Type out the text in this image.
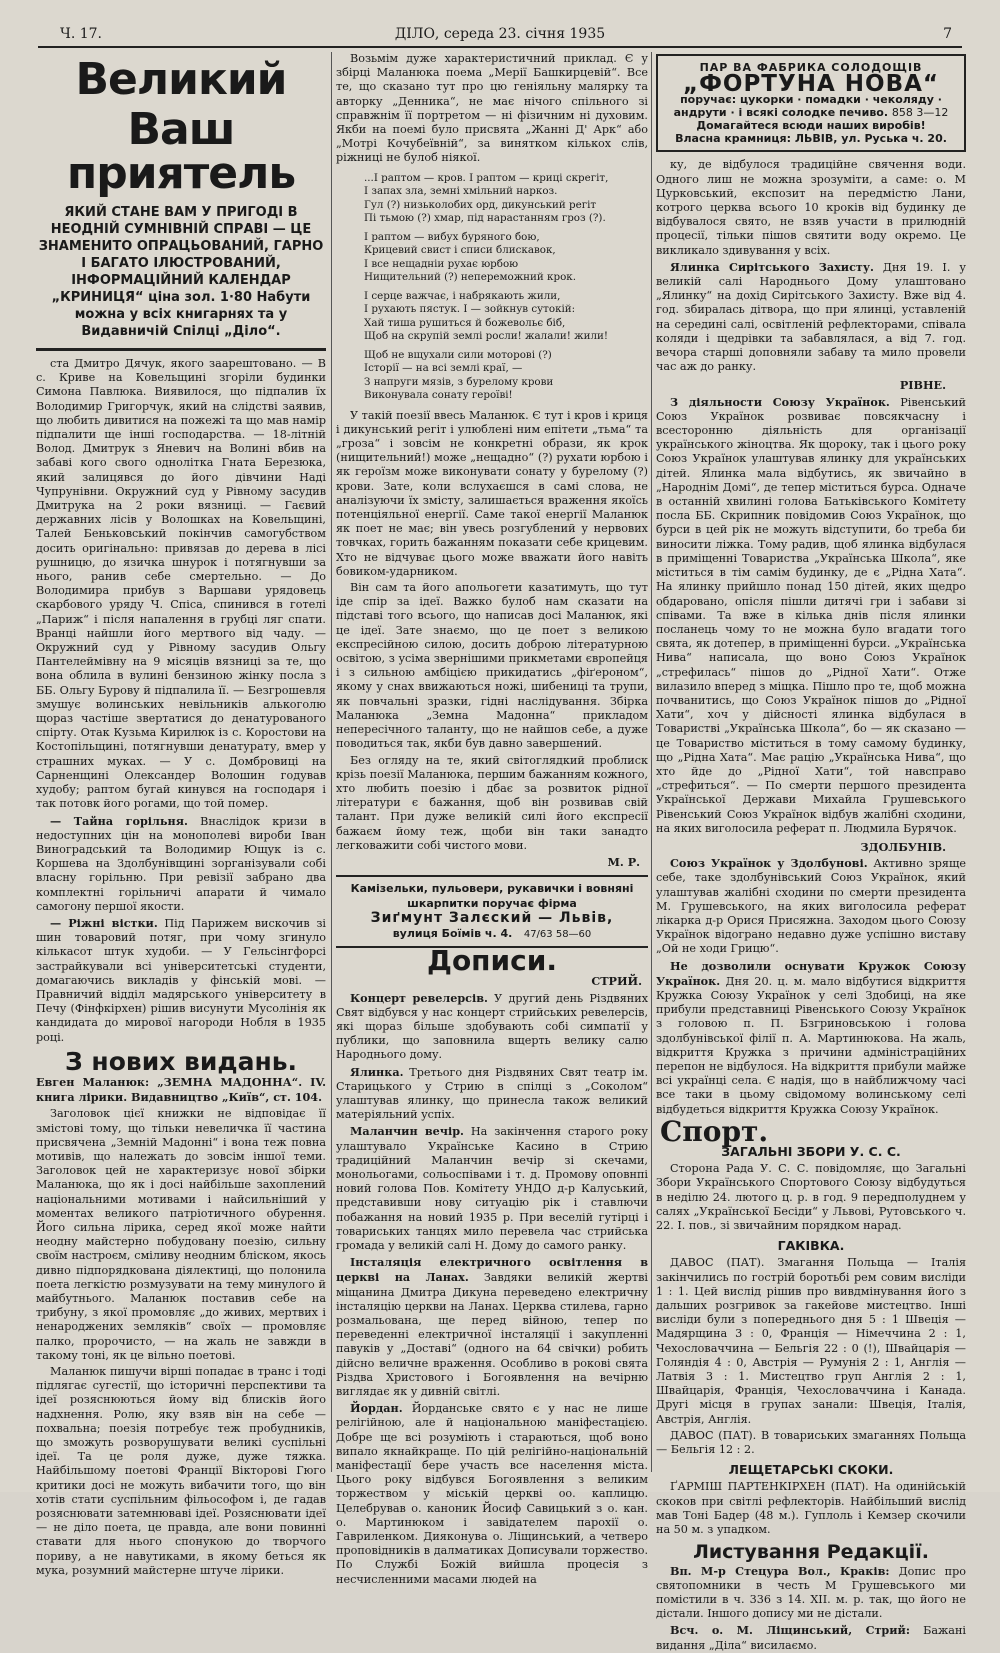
Ч. 17.	ДІЛО, середа 23. січня 1935	7
Великий
Ваш приятель
ЯКИЙ СТАНЕ ВАМ У ПРИГОДІ В НЕОДНІЙ СУМНІВНІЙ СПРАВІ — ЦЕ ЗНАМЕНИТО ОПРАЦЬОВАНИЙ, ГАРНО І БАГАТО ІЛЮСТРОВАНИЙ, ІНФОРМАЦІЙНИЙ КАЛЕНДАР „КРИНИЦЯ“ ціна зол. 1·80 Набути можна у всіх книгарнях та у Видавничій Спілці „Діло“.

ста Дмитро Дячук, якого заарештовано. — В с. Криве на Ковельщині згоріли будинки Симона Павлюка. Виявилося, що підпалив їх Володимир Григорчук, який на слідстві заявив, що любить дивитися на пожежі та що мав намір підпалити ще інші господарства. — 18-літній Волод. Дмитрук з Яневич на Волині вбив на забаві кого свого одноліткa Гната Березюка, який залицявся до його дівчини Наді Чупрунівни. Окружний суд у Рівному засудив Дмитрука на 2 роки вязниці. — Гаєвий державних лісів у Волошках на Ковельщині, Талей Беньковський покінчив самогубством досить оригінально: привязав до дерева в лісі рушницю, до язичка шнурок і потягнувши за нього, ранив себе смертельно. — До Володимира прибув з Варшави урядовець скарбового уряду Ч. Спіса, спинився в готелі „Париж“ і після напалення в грубці ляг спати. Вранці найшли його мертвого від чаду. — Окружний суд у Рівному засудив Ольгу Пантелеймівну на 9 місяців вязниці за те, що вона облила в вулині бензиною жінку посла з ББ. Ольгу Бурову й підпалила її. — Безгрошевля змушує волинських невільників алькоголю щораз частіше звертатися до денатурованого спірту. Отак Кузьма Кирилюк із с. Коростови на Костопільщині, потягнувши денатурату, вмер у страшних муках. — У с. Домбровиці на Сарненщині Олександер Волошин годував худобу; раптом бугай кинувся на господаря і так потовк його рогами, що той помер.

— Тайна горільня. Внаслідок кризи в недоступних цін на монополеві вироби Іван Виноградський та Володимир Ющук із с. Коршева на Здолбунівщині зорганізували собі власну горільню. При ревізії забрано два комплектні горільничі апарати й чимало самогону першої якости.

— Ріжні вістки. Під Парижем вискочив зі шин товаровий потяг, при чому згинуло кількасот штук худоби. — У Гельсінгфорсі застрайкували всі університетські студенти, домагаючись викладів у фінській мові. — Правничий відділ мадярського університету в Печу (Фінфкірхен) рішив висунути Мусолінія як кандидата до мирової нагороди Нобля в 1935 році.

З нових видань.

Евген Маланюк: „ЗЕМНА МАДОННА“. IV. книга лірики. Видавництво „Київ“, ст. 104.

Заголовок цієї книжки не відповідає її змістові тому, що тільки невеличка її частина присвячена „Земній Мадонні“ і вона теж повна мотивів, що належать до зовсім іншої теми. Заголовок цей не характеризує нової збірки Маланюка, що як і досі найбільше захоплений національними мотивами і найсильніший у моментах великого патріотичного обурення. Його сильна лірика, серед якої може найти неодну майстерно побудовану поезію, сильну своїм настроєм, сміливу неодним бліском, якось дивно підпорядкована діялектиці, що полонила поета легкістю розмузувати на тему минулого й майбутнього. Маланюк поставив себе на трибуну, з якої промовляє „до живих, мертвих і ненароджених земляків“ своїх — промовляє палко, пророчисто, — на жаль не завжди в такому тоні, як це вільно поетові.

Маланюк пишучи вірші попадає в транс і тоді підлягає сугестії, що історичні перспективи та ідеї розяснюються йому від блисків його надхнення. Ролю, яку взяв він на себе — похвальна; поезія потребує теж пробудників, що зможуть розворушувати великі суспільні ідеї. Та це роля дуже, дуже тяжка. Найбільшому поетові Франції Вікторові Гюго критики досі не можуть вибачити того, що він хотів стати суспільним фільософом і, де гадав розяснювати затемнюваві ідеї. Розяснювати ідеї — не діло поета, це правда, але вони повинні ставати для нього спонукою до творчого пориву, а не навутиками, в якому беться як мука, розумний майстерне штуче лірики.

Возьмім дуже характеристичний приклад. Є у збірці Маланюка поема „Мерії Башкирцевій“. Все те, що сказано тут про цю геніяльну малярку та авторку „Денника“, не має нічого спільного зі справжнім її портретом — ні фізичним ні духовим. Якби на поемі було присвята „Жанні Д' Арк“ або „Мотрі Кочубеївній“, за винятком кількох слів, ріжниці не булоб ніякої.

...І раптом — кров. І раптом — криці скрегіт,
І запах зла, земні хмільний наркоз.
Гул (?) низьколобих орд, дикунський регіт
Пі тьмою (?) хмар, під нарастанням гроз (?).

І раптом — вибух буряного бою,
Крицевий свист і списи блискавок,
І все нещадніи рухає юрбою
Нищительний (?) непереможний крок.

І серце важчає, і набрякають жили,
І рухають пястук. І — зойкнув сутокій:
Хай тиша рушиться й божевольє біб,
Щоб на скрупій землі росли! жалали! жили!

Щоб не вщухали сили моторові (?)
Історії — на всі землі краї, —
З напруги мязів, з бурелому крови
Виконувала сонату героїві!

У такій поезії ввесь Маланюк. Є тут і кров і криця і дикунський регіт і улюблені ним епітети „тьма“ та „гроза“ і зовсім не конкретні образи, як крок (нищительний!) може „нещадно“ (?) рухати юрбою і як героїзм може виконувати сонату у бурелому (?) крови. Зате, коли вслухаєшся в самі слова, не аналізуючи їх змісту, залишається враження якоїсь потенціяльної енергії. Саме такої енергії Маланюк як поет не має; він увесь розгублений у нервових товчках, горить бажанням показати себе крицевим. Хто не відчуває цього може вважати його навіть бовиком-ударником.

Він сам та його апольогети казатимуть, що тут іде спір за ідеї. Важко булоб нам сказати на підставі того всього, що написав досі Маланюк, які це ідеї. Зате знаємо, що це поет з великою експресійною силою, досить доброю літературною освітою, з усіма звернішими прикметами європейця і з сильною амбіцією прикидатись „фіґероном“, якому у снах ввижаються ножі, шибениці та трупи, як повчальні зразки, гідні наслідування. Збірка Маланюка „Земна Мадонна“ прикладом непересічного таланту, що не найшов себе, а дуже поводиться так, якби був давно завершений.

Без огляду на те, який світоглядкий проблиск крізь поезії Маланюка, першим бажанням кожного, хто любить поезію і дбає за розвиток рідної літератури є бажання, щоб він розвивав свій талант. При дуже великій силі його експресії бажаєм йому теж, щоби він таки занадто легковажити собі чистого мови.

М. Р.
Камізельки, пульовери, рукавички і вовняні шкарпитки поручає фірма
Зиґмунт Залєский — Львів,
вулиця Боїмів ч. 4. 47/63 58—60
Дописи.
СТРИЙ.

Концерт ревелерсів. У другий день Різдвяних Свят відбувся у нас концерт стрийських ревелерсів, які щораз більше здобувають собі симпатії у публики, що заповнила вщерть велику салю Народнього дому.

Ялинка. Третього дня Різдвяних Свят театр ім. Старицького у Стрию в спілці з „Соколом“ улаштував ялинку, що принесла також великий матеріяльний успіх.

Маланчин вечір. На закінчення старого року улаштувало Українське Касино в Стрию традиційний Маланчин вечір зі скечами, монольогами, сольоспівами і т. д. Промову оповнпі новий голова Пов. Комітету УНДО д-р Калуський, представивши нову ситуацію рік і ставлючи побажання на новий 1935 р. При веселій гутірці і товариських танцях мило перевела час стрийська громада у великій салі Н. Дому до самого ранку.

Інсталяція електричного освітлення в церкві на Ланах. Завдяки великій жертві міщанина Дмитра Дикуна переведено електричну інсталяцію церкви на Ланах. Церква стилева, гарно розмальована, ще перед війною, тепер по переведенні електричної інсталяції і закупленні павуків у „Доставі“ (одного на 64 свічки) робить дійсно величне враження. Особливо в роковi свята Різдва Христового і Богоявлення на вечірню виглядає як у дивній світлі.

Йордан. Йорданське свято є у нас не лише релігійною, але й національною маніфестацією. Добре ще всі розуміють і стараються, щоб воно випало якнайкраще. По цій релігійно-національній маніфестації бере участь все населення міста. Цього року відбувся Богоявлення з великим торжеством у міській церкві оо. каплицю. Целебрував о. каноник Йосиф Савицький з о. кан. о. Мартинюком і завідателем парохії о. Гавриленком. Дияконува о. Ліщинський, а четверо проповідників в далматиках Дописували торжество. По Службі Божій вийшла процесія з несчисленними масами людей на

ПАР ВА ФАБРИКА СОЛОДОЩІВ
„ФОРТУНА НОВА“
поручає: цукорки · помадки · чеколяду · андрути · і всякі солодке печиво. 858 3—12
Домагайтеся всюди наших виробів!
Власна крамниця: ЛЬВІВ, ул. Руська ч. 20.

ку, де відбулося традиційне свячення води. Одного лиш не можна зрозуміти, а саме: о. М Цурковський, експозит на передмістю Лани, котрого церква всього 10 кроків від будинку де відбувалося свято, не взяв участи в прилюдній процесії, тільки пішов святити воду окремо. Це викликало здивування у всіх.

Ялинка Сирітського Захисту. Дня 19. І. у великій салі Народнього Дому улаштовано „Ялинку“ на дохід Сирітського Захисту. Вже від 4. год. збиралась дітвора, що при ялинці, уставленій на середині салі, освітленій рефлекторами, співала коляди і щедрівки та забавлялася, а від 7. год. вечора старші доповняли забаву та мило провели час аж до ранку.

РІВНЕ.

З діяльности Союзу Українок. Рівенський Союз Українок розвиває повсякчасну і всесторонню діяльність для організації українського жіноцтва. Як щороку, так і цього року Союз Українок улаштував ялинку для українських дітей. Ялинка мала відбутись, як звичайно в „Народнім Домі“, де тепер міститься бурса. Одначе в останній хвилині голова Батьківського Комітету посла ББ. Скрипник повідомив Союз Українок, що бурси в цей рік не можуть відступити, бо треба би виносити ліжка. Тому радив, щоб ялинка відбулася в приміщенні Товариства „Українська Школа“, яке міститься в тім самім будинку, де є „Рідна Хата“. На ялинку прийшло понад 150 дітей, яких щедро обдаровано, опісля пішли дитячі гри і забави зі співами. Та вже в кілька днів після ялинки посланець чому то не можна було вгадати того свята, як дотепер, в приміщенні бурси. „Українська Нива“ написала, що воно Союз Українок „стрефилась“ пішов до „Рідної Хати“. Отже вилазило вперед з міщка. Пішло про те, щоб можна почванитись, що Союз Українок пішов до „Рідної Хати“, хоч у дійсності ялинка відбулася в Товаристві „Українська Школа“, бо — як сказано — це Товариство міститься в тому самому будинку, що „Рідна Хата“. Має рацію „Українська Нива“, що хто йде до „Рідної Хати“, той навсправо „стрефиться“. — По смерти першого президента Української Держави Михайла Грушевського Рівенський Союз Українок відбув жалібні сходини, на яких виголосила реферат п. Людмила Бурячок.

ЗДОЛБУНІВ.

Союз Українок у Здолбунові. Активно зряще себе, таке здолбунівський Союз Українок, який улаштував жалібні сходини по смерти президента М. Грушевського, на яких виголосила реферат лікарка д-р Орися Присяжна. Заходом цього Союзу Українок відограно недавно дуже успішно виставу „Ой не ходи Грицю“.

Не дозволили оснувати Кружок Союзу Українок. Дня 20. ц. м. мало відбутися відкриття Кружка Союзу Українок у селі Здобиці, на яке прибули представниці Рівенського Союзу Українок з головою п. П. Бзгриновською і голова здолбунівської філії п. А. Мартинюкова. На жаль, відкриття Кружка з причини адміністраційних перепон не відбулося. На відкриття прибули майже всі українці села. Є надія, що в найближчому часі все таки в цьому свідомому волинському селі відбудеться відкриття Кружка Союзу Українок.

Спорт.
ЗАГАЛЬНІ ЗБОРИ У. С. С.

Сторона Рада У. С. С. повідомляє, що Загальні Збори Українського Спортового Союзу відбудуться в неділю 24. лютого ц. р. в год. 9 передполуднем у салях „Української Бесіди“ у Львові, Рутовського ч. 22. І. пов., зі звичайним порядком нарад.

ГАКІВКА.

ДАВОС (ПАТ). Змагання Польща — Італія закінчились по гострій боротьбі рем совим висліди 1 : 1. Цей вислід рішив про вивдмінування його з дальших розгривок за гакейове мистецтво. Інші висліди були з попереднього дня 5 : 1 Швеція — Мадярщина 3 : 0, Франція — Німеччина 2 : 1, Чехословаччина — Бельгія 22 : 0 (!), Швайцарія — Голяндія 4 : 0, Австрія — Румунія 2 : 1, Англія — Латвія 3 : 1. Мистецтво груп Англія 2 : 1, Швайцарія, Франція, Чехословаччина і Канада. Другі місця в групах занали: Швеція, Італія, Австрія, Англія.

ДАВОС (ПАТ). В товариських змаганнях Польща — Бельгія 12 : 2.

ЛЕЩЕТАРСЬКІ СКОКИ.

ҐАРМІШ ПАРТЕНКІРХЕН (ПАТ). На одинійській скоков при світлі рефлекторів. Найбільший вислід мав Тоні Бадер (48 м.). Гуплоль і Кемзер скочили на 50 м. з упадком.

Листування Редакції.

Вп. М-р Стецура Вол., Краків: Допис про святопомники в честь М Грушевського ми помістили в ч. 336 з 14. XII. м. р. так, що його не дістали. Іншого допису ми не дістали.

Всч. о. М. Ліщинський, Стрий: Бажані видання „Діла“ висилаємо.
